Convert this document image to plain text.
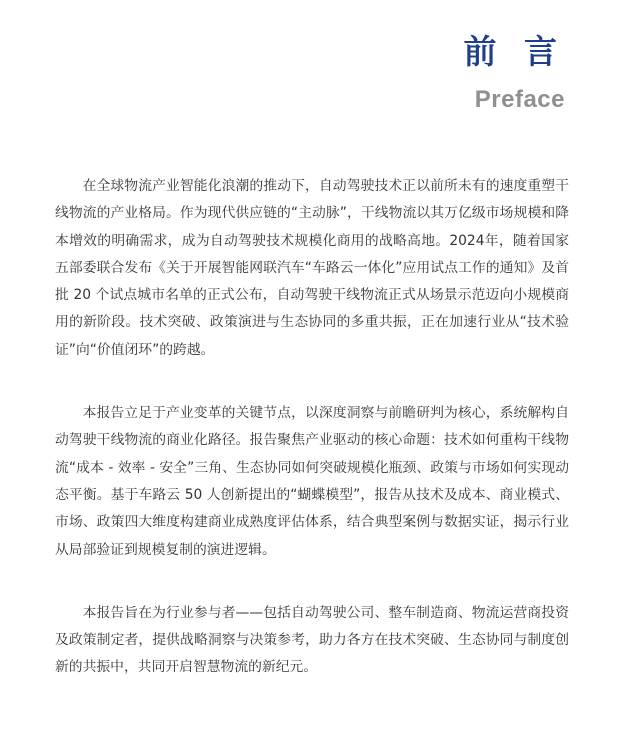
前 言
Preface

在全球物流产业智能化浪潮的推动下，自动驾驶技术正以前所未有的速度重塑干线物流的产业格局。作为现代供应链的“主动脉”，干线物流以其万亿级市场规模和降本增效的明确需求，成为自动驾驶技术规模化商用的战略高地。2024年，随着国家五部委联合发布《关于开展智能网联汽车“车路云一体化”应用试点工作的通知》及首批 20 个试点城市名单的正式公布，自动驾驶干线物流正式从场景示范迈向小规模商用的新阶段。技术突破、政策演进与生态协同的多重共振，正在加速行业从“技术验证”向“价值闭环”的跨越。

本报告立足于产业变革的关键节点，以深度洞察与前瞻研判为核心，系统解构自动驾驶干线物流的商业化路径。报告聚焦产业驱动的核心命题：技术如何重构干线物流“成本 - 效率 - 安全”三角、生态协同如何突破规模化瓶颈、政策与市场如何实现动态平衡。基于车路云 50 人创新提出的“蝴蝶模型”，报告从技术及成本、商业模式、市场、政策四大维度构建商业成熟度评估体系，结合典型案例与数据实证，揭示行业从局部验证到规模复制的演进逻辑。

本报告旨在为行业参与者——包括自动驾驶公司、整车制造商、物流运营商投资及政策制定者，提供战略洞察与决策参考，助力各方在技术突破、生态协同与制度创新的共振中，共同开启智慧物流的新纪元。
